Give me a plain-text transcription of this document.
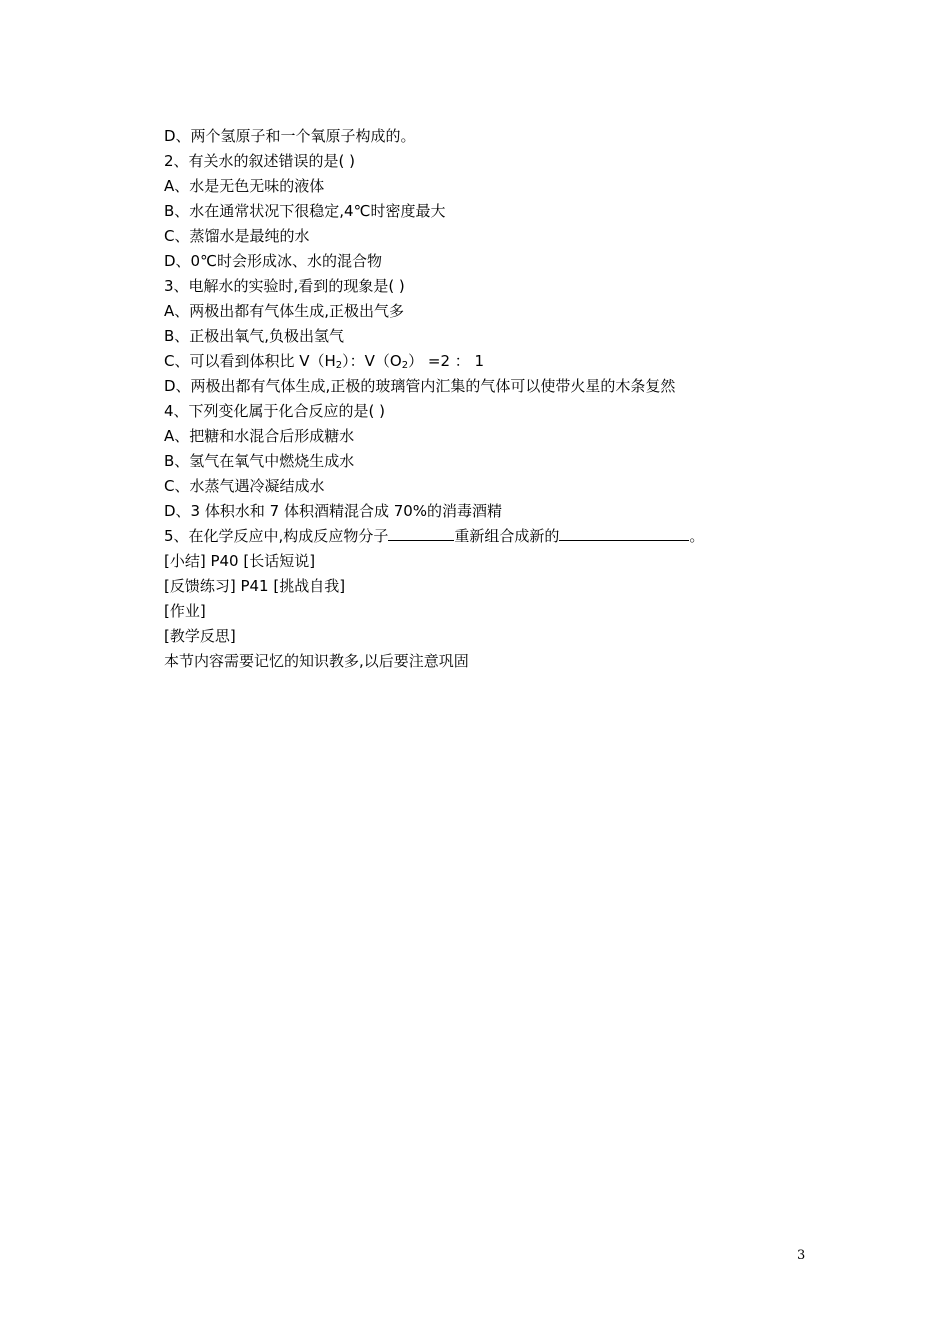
D、两个氢原子和一个氧原子构成的。
2、有关水的叙述错误的是( )
A、水是无色无味的液体
B、水在通常状况下很稳定,4℃时密度最大
C、蒸馏水是最纯的水
D、0℃时会形成冰、水的混合物
3、电解水的实验时,看到的现象是( )
A、两极出都有气体生成,正极出气多
B、正极出氧气,负极出氢气
C、可以看到体积比 $V(H_2)$：$V(O_2) =2$ ： 1
D、两极出都有气体生成,正极的玻璃管内汇集的气体可以使带火星的木条复然
4、下列变化属于化合反应的是( )
A、把糖和水混合后形成糖水
B、氢气在氧气中燃烧生成水
C、水蒸气遇冷凝结成水
D、3 体积水和 7 体积酒精混合成 70%的消毒酒精
5、在化学反应中,构成反应物分子	重新组合成新的	。
[小结] P40 [长话短说]
[反馈练习] P41 [挑战自我]
[作业]
[教学反思]
本节内容需要记忆的知识教多,以后要注意巩固
3
